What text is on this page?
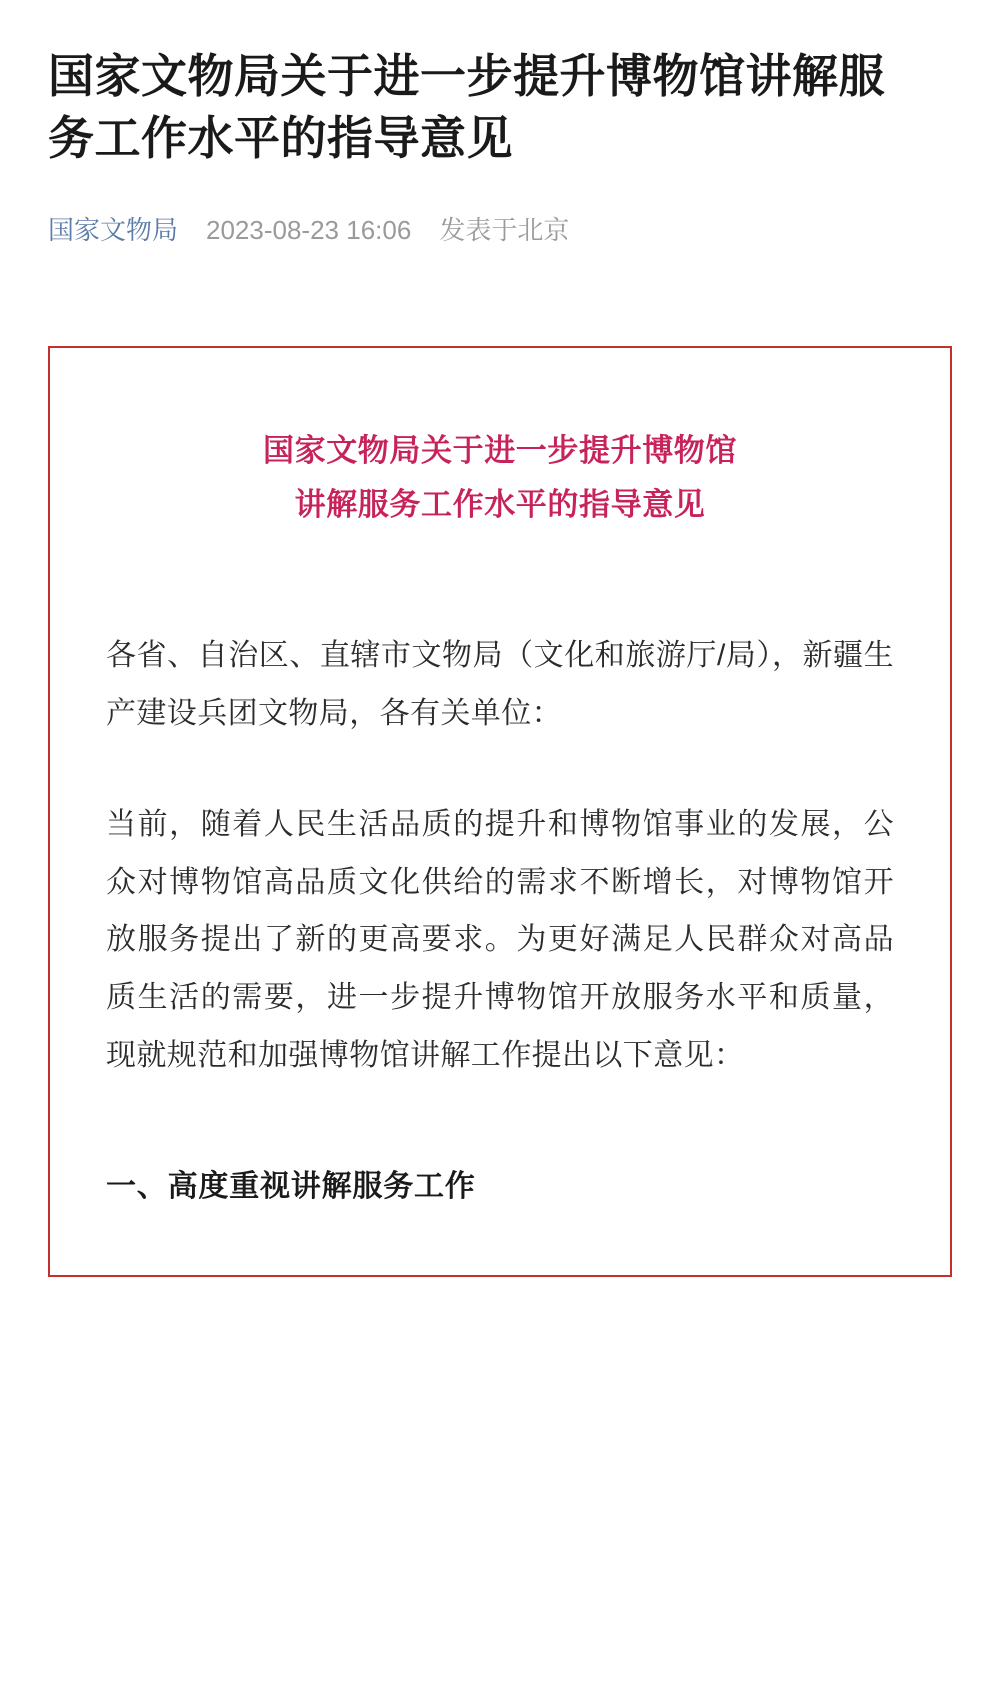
国家文物局关于进一步提升博物馆讲解服务工作水平的指导意见
国家文物局 2023-08-23 16:06 发表于北京
国家文物局关于进一步提升博物馆
讲解服务工作水平的指导意见

各省、自治区、直辖市文物局（文化和旅游厅/局），新疆生产建设兵团文物局，各有关单位：

当前，随着人民生活品质的提升和博物馆事业的发展，公众对博物馆高品质文化供给的需求不断增长，对博物馆开放服务提出了新的更高要求。为更好满足人民群众对高品质生活的需要，进一步提升博物馆开放服务水平和质量，现就规范和加强博物馆讲解工作提出以下意见：

一、高度重视讲解服务工作
